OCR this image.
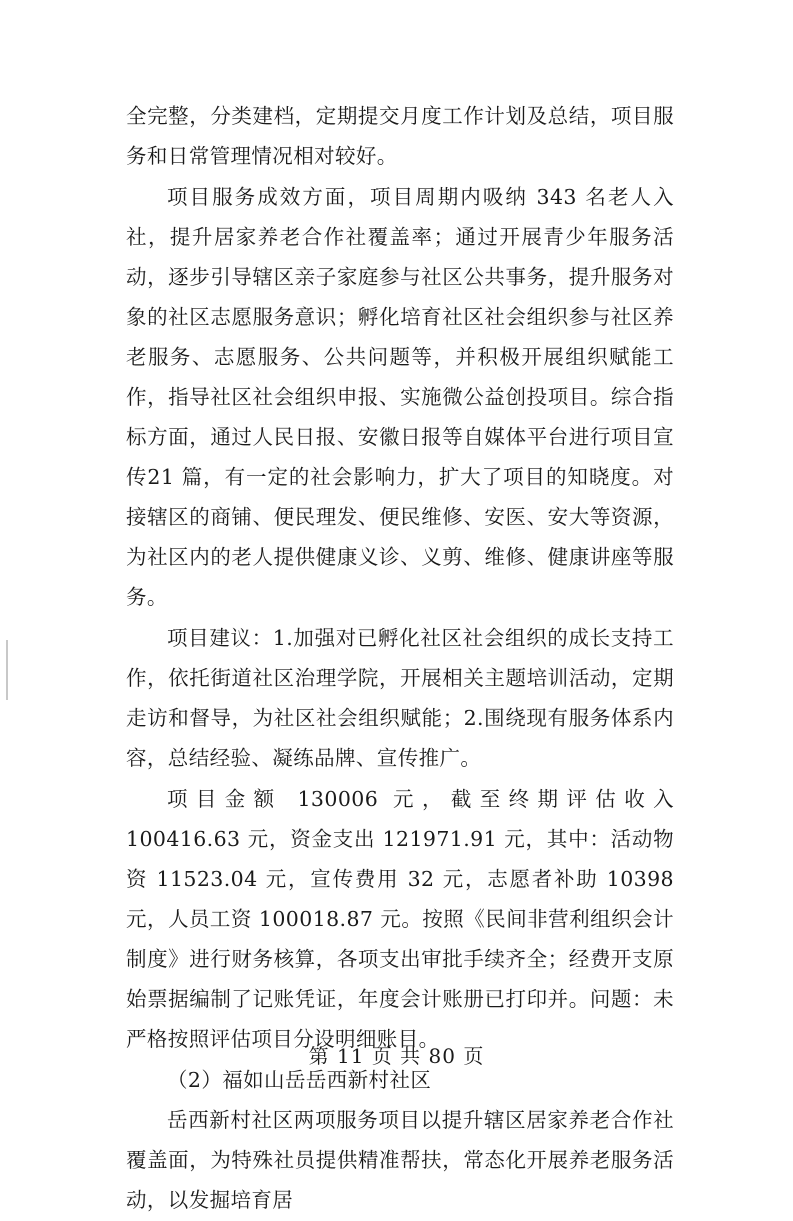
全完整，分类建档，定期提交月度工作计划及总结，项目服务和日常管理情况相对较好。

项目服务成效方面，项目周期内吸纳 343 名老人入社，提升居家养老合作社覆盖率；通过开展青少年服务活动，逐步引导辖区亲子家庭参与社区公共事务，提升服务对象的社区志愿服务意识；孵化培育社区社会组织参与社区养老服务、志愿服务、公共问题等，并积极开展组织赋能工作，指导社区社会组织申报、实施微公益创投项目。综合指标方面，通过人民日报、安徽日报等自媒体平台进行项目宣传21 篇，有一定的社会影响力，扩大了项目的知晓度。对接辖区的商铺、便民理发、便民维修、安医、安大等资源，为社区内的老人提供健康义诊、义剪、维修、健康讲座等服务。

项目建议：1.加强对已孵化社区社会组织的成长支持工作，依托街道社区治理学院，开展相关主题培训活动，定期走访和督导，为社区社会组织赋能；2.围绕现有服务体系内容，总结经验、凝练品牌、宣传推广。

项目金额 130006 元，截至终期评估收入 100416.63 元，资金支出 121971.91 元，其中：活动物资 11523.04 元，宣传费用 32 元，志愿者补助 10398 元，人员工资 100018.87 元。按照《民间非营利组织会计制度》进行财务核算，各项支出审批手续齐全；经费开支原始票据编制了记账凭证，年度会计账册已打印并。问题：未严格按照评估项目分设明细账目。

（2）福如山岳岳西新村社区

岳西新村社区两项服务项目以提升辖区居家养老合作社覆盖面，为特殊社员提供精准帮扶，常态化开展养老服务活动，以发掘培育居

第 11 页 共 80 页
